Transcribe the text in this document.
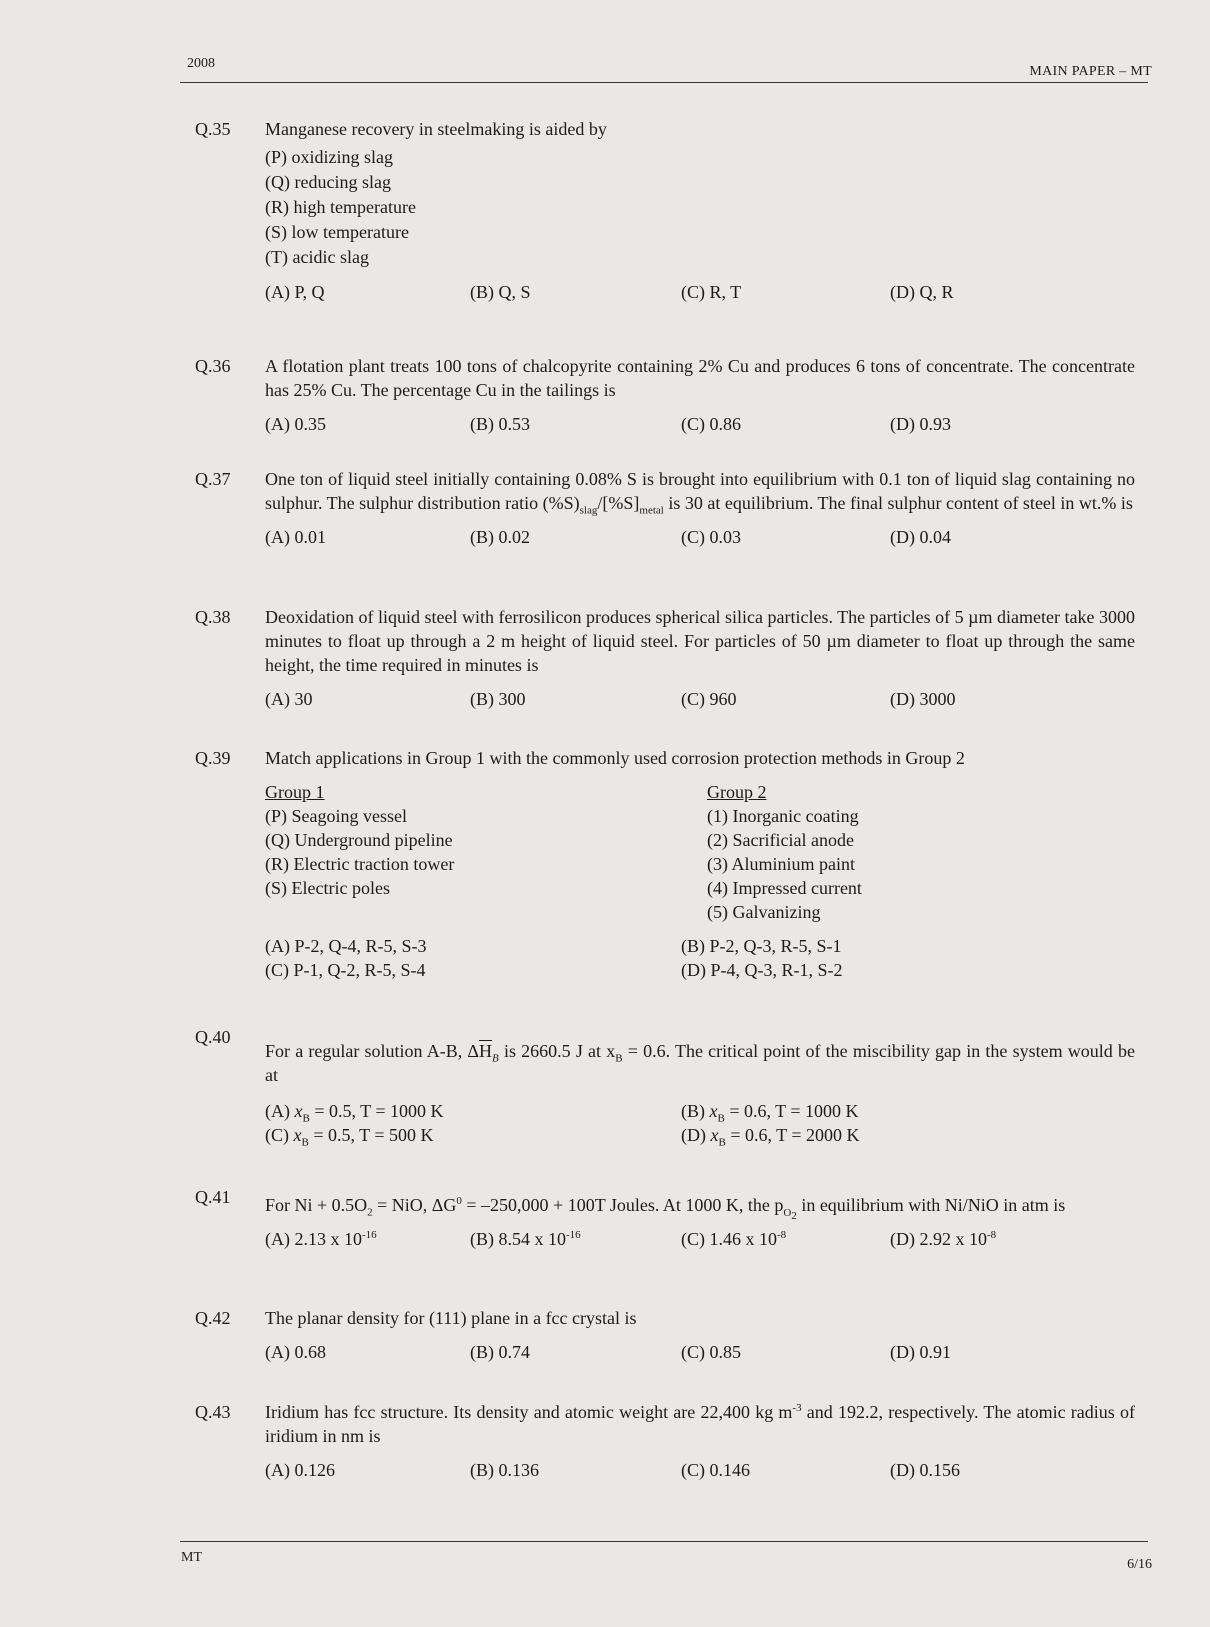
2008
MAIN PAPER – MT
Q.35 Manganese recovery in steelmaking is aided by
(P) oxidizing slag
(Q) reducing slag
(R) high temperature
(S) low temperature
(T) acidic slag
(A) P, Q	(B) Q, S	(C) R, T	(D) Q, R
Q.36 A flotation plant treats 100 tons of chalcopyrite containing 2% Cu and produces 6 tons of concentrate. The concentrate has 25% Cu. The percentage Cu in the tailings is
(A) 0.35	(B) 0.53	(C) 0.86	(D) 0.93
Q.37 One ton of liquid steel initially containing 0.08% S is brought into equilibrium with 0.1 ton of liquid slag containing no sulphur. The sulphur distribution ratio $(\%S)_{slag}/[\%S]_{metal}$ is 30 at equilibrium. The final sulphur content of steel in wt.% is
(A) 0.01	(B) 0.02	(C) 0.03	(D) 0.04
Q.38 Deoxidation of liquid steel with ferrosilicon produces spherical silica particles. The particles of 5 µm diameter take 3000 minutes to float up through a 2 m height of liquid steel. For particles of 50 µm diameter to float up through the same height, the time required in minutes is
(A) 30	(B) 300	(C) 960	(D) 3000
Q.39 Match applications in Group 1 with the commonly used corrosion protection methods in Group 2
Group 1
(P) Seagoing vessel
(Q) Underground pipeline
(R) Electric traction tower
(S) Electric poles
Group 2
(1) Inorganic coating
(2) Sacrificial anode
(3) Aluminium paint
(4) Impressed current
(5) Galvanizing
(A) P-2, Q-4, R-5, S-3	(B) P-2, Q-3, R-5, S-1
(C) P-1, Q-2, R-5, S-4	(D) P-4, Q-3, R-1, S-2
Q.40
For a regular solution A-B, $\Delta\overline{H}_B$ is 2660.5 J at $x_B = 0.6$. The critical point of the miscibility gap in the system would be at
(A) $x_B = 0.5$, T = 1000 K	(B) $x_B = 0.6$, T = 1000 K
(C) $x_B = 0.5$, T = 500 K	(D) $x_B = 0.6$, T = 2000 K
Q.41 For $Ni + 0.5O_2$ = NiO, $\Delta G^0 = -250,000 + 100T$ Joules. At 1000 K, the $p_{O_2}$ in equilibrium with Ni/NiO in atm is
(A) 2.13 x $10^{-16}$	(B) 8.54 x $10^{-16}$	(C) 1.46 x $10^{-8}$	(D) 2.92 x $10^{-8}$
Q.42 The planar density for (111) plane in a fcc crystal is
(A) 0.68	(B) 0.74	(C) 0.85	(D) 0.91
Q.43 Iridium has fcc structure. Its density and atomic weight are 22,400 kg $m^{-3}$ and 192.2, respectively. The atomic radius of iridium in nm is
(A) 0.126	(B) 0.136	(C) 0.146	(D) 0.156
MT	6/16
